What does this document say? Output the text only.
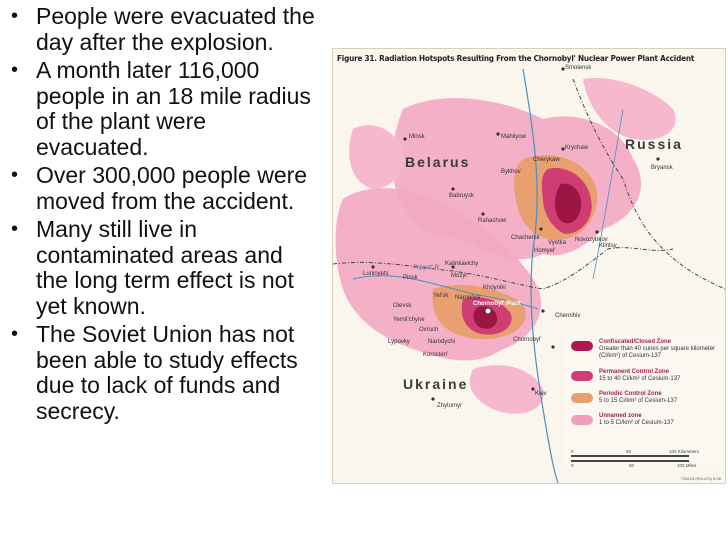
• People were evacuated the day after the explosion.
• A month later 116,000 people in an 18 mile radius of the plant were evacuated.
• Over 300,000 people were moved from the accident.
• Many still live in contaminated areas and the long term effect is not yet known.
• The Soviet Union has not been able to study effects due to lack of funds and secrecy.
Belarus
Russia
Ukraine
Smolensk
Minsk	Mahilyow
Krychaw
Cherykaw
Bykhov
Bryansk
Babruysk
Rahachow
Chachersk
Vyetka
Homyel'
Novozybkov
Klintsy
Luninyets
Pinsk
Kalinkavichy
Mozyr
Khoyniki
Yel'sk Narowlya
Olevsk
Yemil'chyne
Ovruch
Lypovky	Narodychi
Korosten'
Chernihiv
Chornobyl'
Kiev
Zhytomyr
Pripyat' R.
Chornobyl' Plant
Figure 31. Radiation Hotspots Resulting From the Chornobyl' Nuclear Power Plant Accident
Confiscated/Closed Zone
Greater than 40 curies per square kilometer (Ci/km²) of Cesium-137
Permanent Control Zone
15 to 40 Ci/km² of Cesium-137
Periodic Control Zone
5 to 15 Ci/km² of Cesium-137
Unnamed zone
1 to 5 Ci/km² of Cesium-137
0	50	100 Kilometers
0	50	100 Miles
730628 (R01423) 5-96
